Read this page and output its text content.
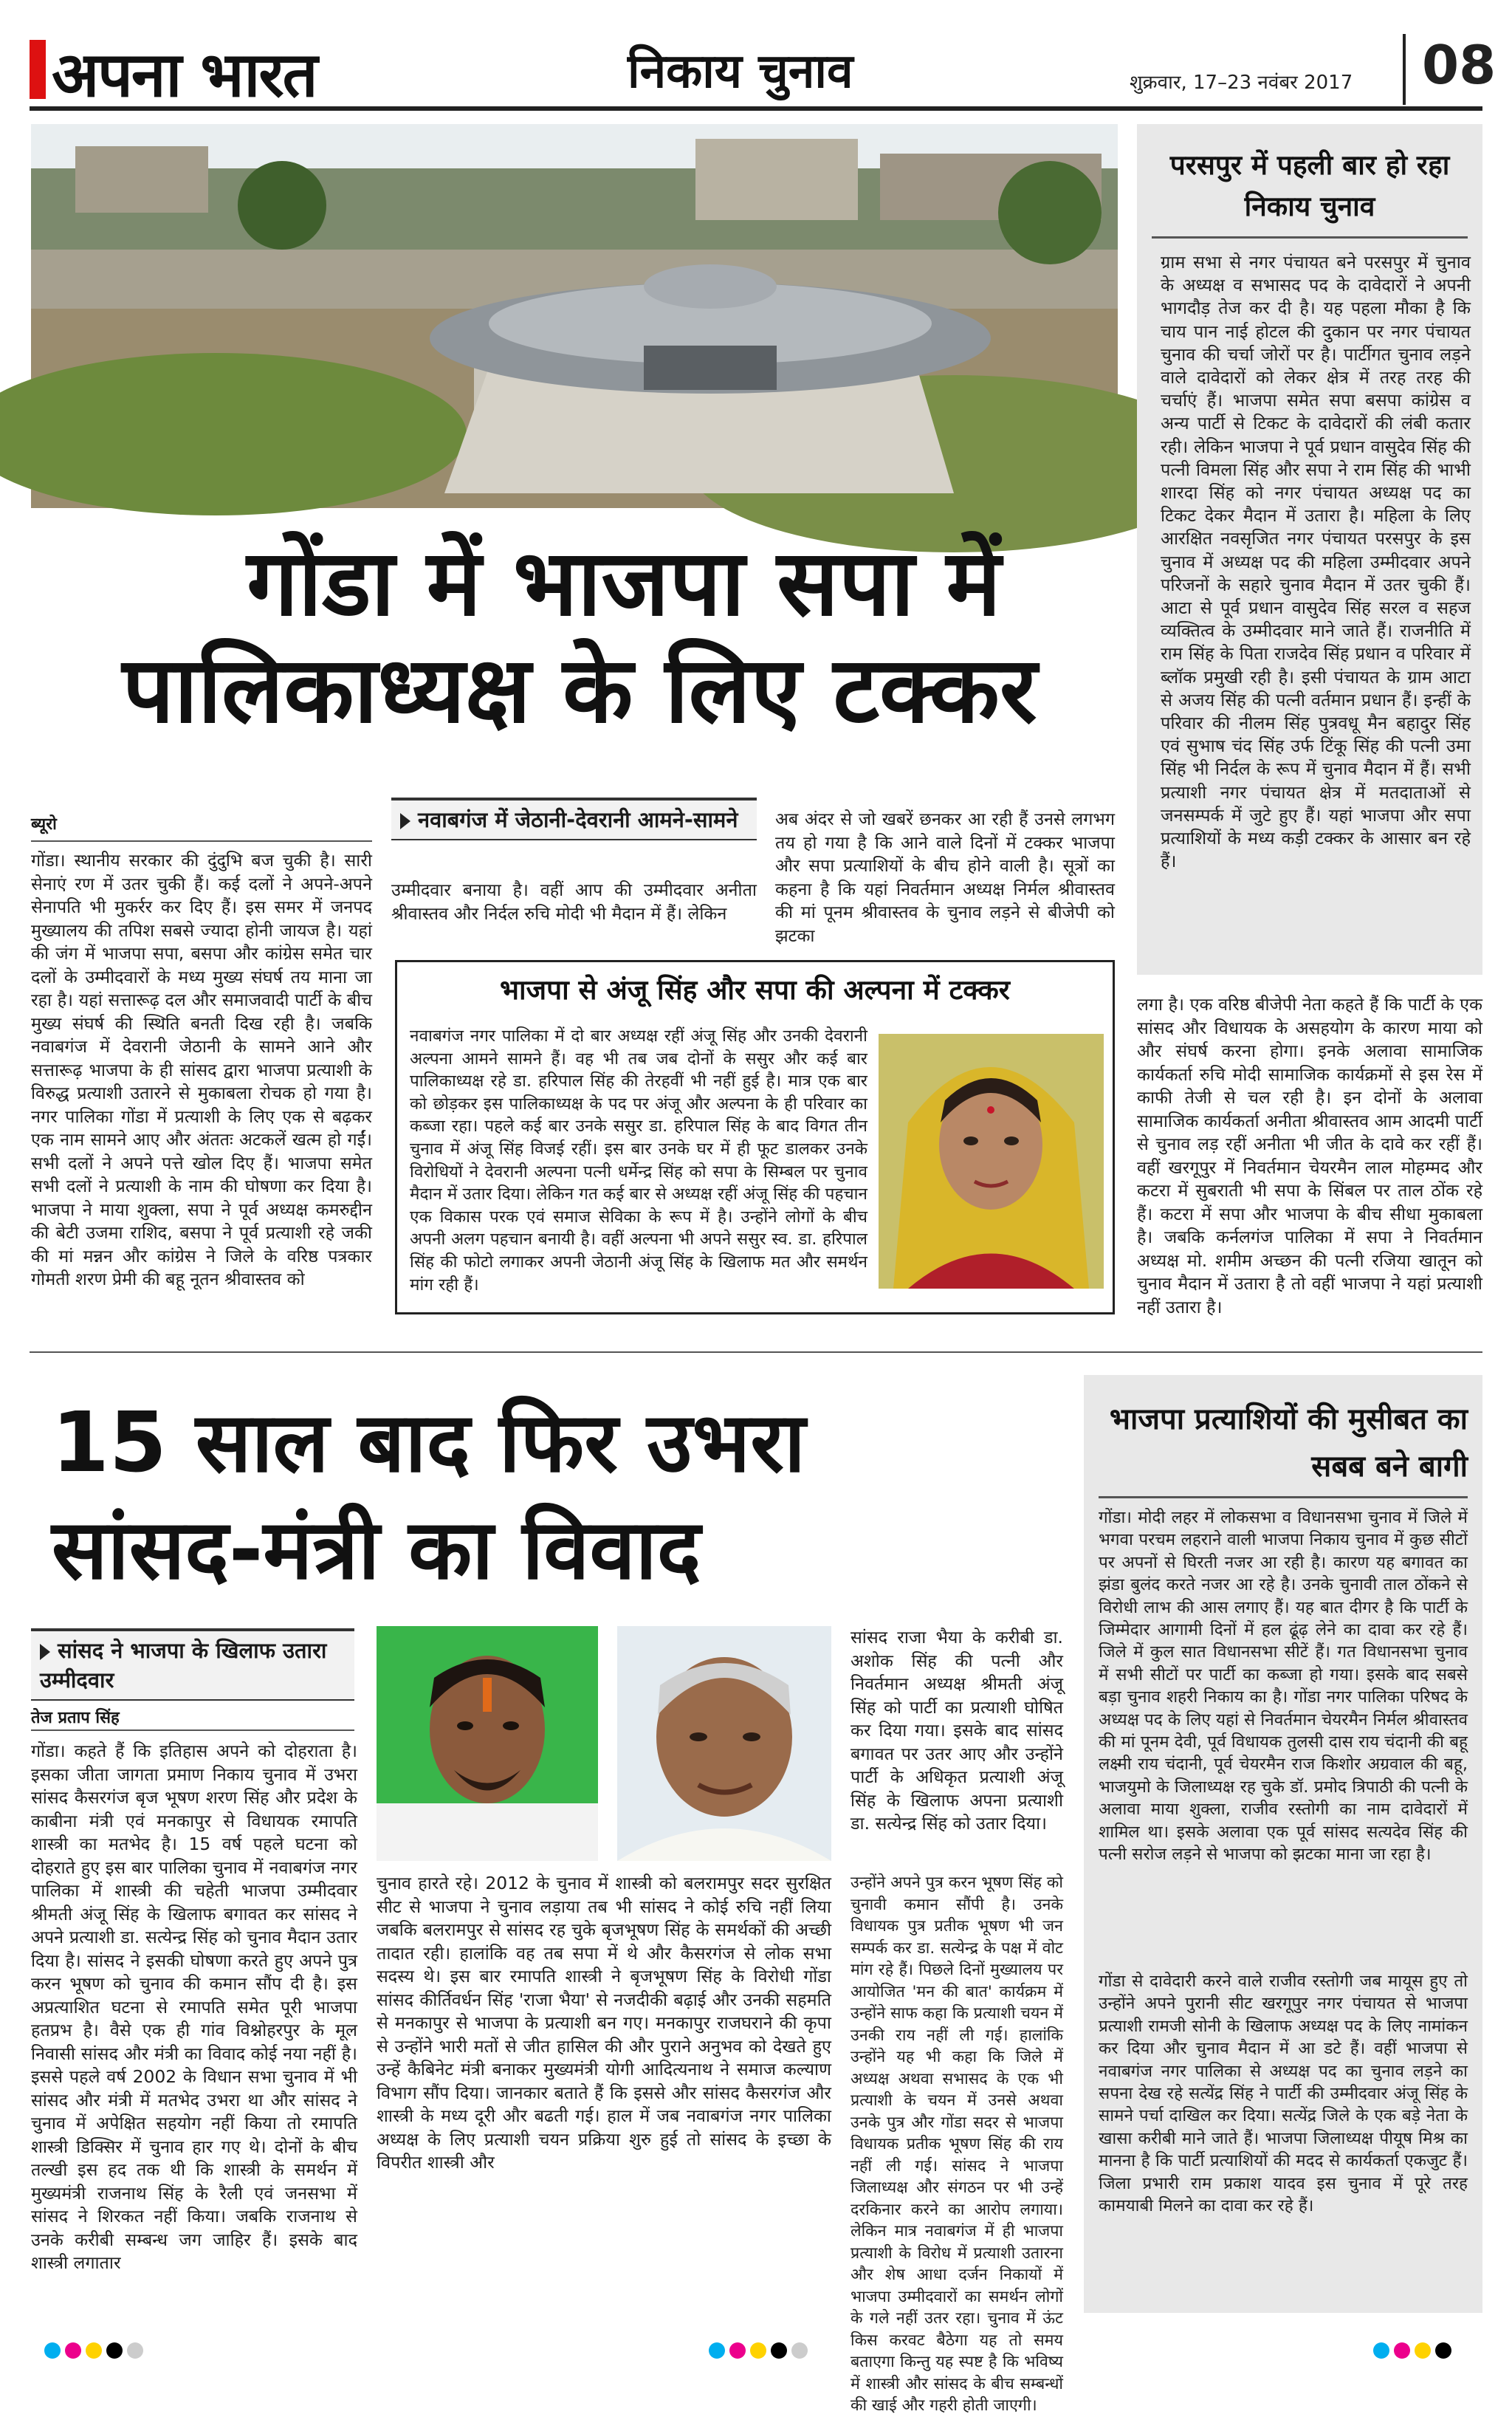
अपना भारत	निकाय चुनाव	शुक्रवार, 17–23 नवंबर 2017	08
परसपुर में पहली बार हो रहा निकाय चुनाव
ग्राम सभा से नगर पंचायत बने परसपुर में चुनाव के अध्यक्ष व सभासद पद के दावेदारों ने अपनी भागदौड़ तेज कर दी है। यह पहला मौका है कि चाय पान नाई होटल की दुकान पर नगर पंचायत चुनाव की चर्चा जोरों पर है। पार्टीगत चुनाव लड़ने वाले दावेदारों को लेकर क्षेत्र में तरह तरह की चर्चाएं हैं। भाजपा समेत सपा बसपा कांग्रेस व अन्य पार्टी से टिकट के दावेदारों की लंबी कतार रही। लेकिन भाजपा ने पूर्व प्रधान वासुदेव सिंह की पत्नी विमला सिंह और सपा ने राम सिंह की भाभी शारदा सिंह को नगर पंचायत अध्यक्ष पद का टिकट देकर मैदान में उतारा है। महिला के लिए आरक्षित नवसृजित नगर पंचायत परसपुर के इस चुनाव में अध्यक्ष पद की महिला उम्मीदवार अपने परिजनों के सहारे चुनाव मैदान में उतर चुकी हैं। आटा से पूर्व प्रधान वासुदेव सिंह सरल व सहज व्यक्तित्व के उम्मीदवार माने जाते हैं। राजनीति में राम सिंह के पिता राजदेव सिंह प्रधान व परिवार में ब्लॉक प्रमुखी रही है। इसी पंचायत के ग्राम आटा से अजय सिंह की पत्नी वर्तमान प्रधान हैं। इन्हीं के परिवार की नीलम सिंह पुत्रवधू मैन बहादुर सिंह एवं सुभाष चंद सिंह उर्फ टिंकू सिंह की पत्नी उमा सिंह भी निर्दल के रूप में चुनाव मैदान में हैं। सभी प्रत्याशी नगर पंचायत क्षेत्र में मतदाताओं से जनसम्पर्क में जुटे हुए हैं। यहां भाजपा और सपा प्रत्याशियों के मध्य कड़ी टक्कर के आसार बन रहे हैं।
गोंडा में भाजपा सपा में
पालिकाध्यक्ष के लिए टक्कर
ब्यूरो
गोंडा। स्थानीय सरकार की दुंदुभि बज चुकी है। सारी सेनाएं रण में उतर चुकी हैं। कई दलों ने अपने-अपने सेनापति भी मुकर्रर कर दिए हैं। इस समर में जनपद मुख्यालय की तपिश सबसे ज्यादा होनी जायज है। यहां की जंग में भाजपा सपा, बसपा और कांग्रेस समेत चार दलों के उम्मीदवारों के मध्य मुख्य संघर्ष तय माना जा रहा है। यहां सत्तारूढ़ दल और समाजवादी पार्टी के बीच मुख्य संघर्ष की स्थिति बनती दिख रही है। जबकि नवाबगंज में देवरानी जेठानी के सामने आने और सत्तारूढ़ भाजपा के ही सांसद द्वारा भाजपा प्रत्याशी के विरुद्ध प्रत्याशी उतारने से मुकाबला रोचक हो गया है। नगर पालिका गोंडा में प्रत्याशी के लिए एक से बढ़कर एक नाम सामने आए और अंततः अटकलें खत्म हो गईं। सभी दलों ने अपने पत्ते खोल दिए हैं। भाजपा समेत सभी दलों ने प्रत्याशी के नाम की घोषणा कर दिया है। भाजपा ने माया शुक्ला, सपा ने पूर्व अध्यक्ष कमरुद्दीन की बेटी उजमा राशिद, बसपा ने पूर्व प्रत्याशी रहे जकी की मां मन्नन और कांग्रेस ने जिले के वरिष्ठ पत्रकार गोमती शरण प्रेमी की बहू नूतन श्रीवास्तव को
नवाबगंज में जेठानी-देवरानी आमने-सामने
उम्मीदवार बनाया है। वहीं आप की उम्मीदवार अनीता श्रीवास्तव और निर्दल रुचि मोदी भी मैदान में हैं। लेकिन
अब अंदर से जो खबरें छनकर आ रही हैं उनसे लगभग तय हो गया है कि आने वाले दिनों में टक्कर भाजपा और सपा प्रत्याशियों के बीच होने वाली है। सूत्रों का कहना है कि यहां निवर्तमान अध्यक्ष निर्मल श्रीवास्तव की मां पूनम श्रीवास्तव के चुनाव लड़ने से बीजेपी को झटका
भाजपा से अंजू सिंह और सपा की अल्पना में टक्कर
नवाबगंज नगर पालिका में दो बार अध्यक्ष रहीं अंजू सिंह और उनकी देवरानी अल्पना आमने सामने हैं। वह भी तब जब दोनों के ससुर और कई बार पालिकाध्यक्ष रहे डा. हरिपाल सिंह की तेरहवीं भी नहीं हुई है। मात्र एक बार को छोड़कर इस पालिकाध्यक्ष के पद पर अंजू और अल्पना के ही परिवार का कब्जा रहा। पहले कई बार उनके ससुर डा. हरिपाल सिंह के बाद विगत तीन चुनाव में अंजू सिंह विजई रहीं। इस बार उनके घर में ही फूट डालकर उनके विरोधियों ने देवरानी अल्पना पत्नी धर्मेन्द्र सिंह को सपा के सिम्बल पर चुनाव मैदान में उतार दिया। लेकिन गत कई बार से अध्यक्ष रहीं अंजू सिंह की पहचान एक विकास परक एवं समाज सेविका के रूप में है। उन्होंने लोगों के बीच अपनी अलग पहचान बनायी है। वहीं अल्पना भी अपने ससुर स्व. डा. हरिपाल सिंह की फोटो लगाकर अपनी जेठानी अंजू सिंह के खिलाफ मत और समर्थन मांग रही हैं।
लगा है। एक वरिष्ठ बीजेपी नेता कहते हैं कि पार्टी के एक सांसद और विधायक के असहयोग के कारण माया को और संघर्ष करना होगा। इनके अलावा सामाजिक कार्यकर्ता रुचि मोदी सामाजिक कार्यक्रमों से इस रेस में काफी तेजी से चल रही है। इन दोनों के अलावा सामाजिक कार्यकर्ता अनीता श्रीवास्तव आम आदमी पार्टी से चुनाव लड़ रहीं अनीता भी जीत के दावे कर रहीं हैं। वहीं खरगूपुर में निवर्तमान चेयरमैन लाल मोहम्मद और कटरा में सुबराती भी सपा के सिंबल पर ताल ठोंक रहे हैं। कटरा में सपा और भाजपा के बीच सीधा मुकाबला है। जबकि कर्नलगंज पालिका में सपा ने निवर्तमान अध्यक्ष मो. शमीम अच्छन की पत्नी रजिया खातून को चुनाव मैदान में उतारा है तो वहीं भाजपा ने यहां प्रत्याशी नहीं उतारा है।
15 साल बाद फिर उभरा
सांसद-मंत्री का विवाद
सांसद ने भाजपा के खिलाफ उतारा उम्मीदवार
तेज प्रताप सिंह
गोंडा। कहते हैं कि इतिहास अपने को दोहराता है। इसका जीता जागता प्रमाण निकाय चुनाव में उभरा सांसद कैसरगंज बृज भूषण शरण सिंह और प्रदेश के काबीना मंत्री एवं मनकापुर से विधायक रमापति शास्त्री का मतभेद है। 15 वर्ष पहले घटना को दोहराते हुए इस बार पालिका चुनाव में नवाबगंज नगर पालिका में शास्त्री की चहेती भाजपा उम्मीदवार श्रीमती अंजू सिंह के खिलाफ बगावत कर सांसद ने अपने प्रत्याशी डा. सत्येन्द्र सिंह को चुनाव मैदान उतार दिया है। सांसद ने इसकी घोषणा करते हुए अपने पुत्र करन भूषण को चुनाव की कमान सौंप दी है। इस अप्रत्याशित घटना से रमापति समेत पूरी भाजपा हतप्रभ है। वैसे एक ही गांव विश्नोहरपुर के मूल निवासी सांसद और मंत्री का विवाद कोई नया नहीं है। इससे पहले वर्ष 2002 के विधान सभा चुनाव में भी सांसद और मंत्री में मतभेद उभरा था और सांसद ने चुनाव में अपेक्षित सहयोग नहीं किया तो रमापति शास्त्री डिक्सिर में चुनाव हार गए थे। दोनों के बीच तल्खी इस हद तक थी कि शास्त्री के समर्थन में मुख्यमंत्री राजनाथ सिंह के रैली एवं जनसभा में सांसद ने शिरकत नहीं किया। जबकि राजनाथ से उनके करीबी सम्बन्ध जग जाहिर हैं। इसके बाद शास्त्री लगातार
चुनाव हारते रहे। 2012 के चुनाव में शास्त्री को बलरामपुर सदर सुरक्षित सीट से भाजपा ने चुनाव लड़ाया तब भी सांसद ने कोई रुचि नहीं लिया जबकि बलरामपुर से सांसद रह चुके बृजभूषण सिंह के समर्थकों की अच्छी तादात रही। हालांकि वह तब सपा में थे और कैसरगंज से लोक सभा सदस्य थे। इस बार रमापति शास्त्री ने बृजभूषण सिंह के विरोधी गोंडा सांसद कीर्तिवर्धन सिंह 'राजा भैया' से नजदीकी बढ़ाई और उनकी सहमति से मनकापुर से भाजपा के प्रत्याशी बन गए। मनकापुर राजघराने की कृपा से उन्होंने भारी मतों से जीत हासिल की और पुराने अनुभव को देखते हुए उन्हें कैबिनेट मंत्री बनाकर मुख्यमंत्री योगी आदित्यनाथ ने समाज कल्याण विभाग सौंप दिया। जानकार बताते हैं कि इससे और सांसद कैसरगंज और शास्त्री के मध्य दूरी और बढती गई। हाल में जब नवाबगंज नगर पालिका अध्यक्ष के लिए प्रत्याशी चयन प्रक्रिया शुरु हुई तो सांसद के इच्छा के विपरीत शास्त्री और
सांसद राजा भैया के करीबी डा. अशोक सिंह की पत्नी और निवर्तमान अध्यक्ष श्रीमती अंजू सिंह को पार्टी का प्रत्याशी घोषित कर दिया गया। इसके बाद सांसद बगावत पर उतर आए और उन्होंने पार्टी के अधिकृत प्रत्याशी अंजू सिंह के खिलाफ अपना प्रत्याशी डा. सत्येन्द्र सिंह को उतार दिया।
उन्होंने अपने पुत्र करन भूषण सिंह को चुनावी कमान सौंपी है। उनके विधायक पुत्र प्रतीक भूषण भी जन सम्पर्क कर डा. सत्येन्द्र के पक्ष में वोट मांग रहे हैं। पिछले दिनों मुख्यालय पर आयोजित 'मन की बात' कार्यक्रम में उन्होंने साफ कहा कि प्रत्याशी चयन में उनकी राय नहीं ली गई। हालांकि उन्होंने यह भी कहा कि जिले में अध्यक्ष अथवा सभासद के एक भी प्रत्याशी के चयन में उनसे अथवा उनके पुत्र और गोंडा सदर से भाजपा विधायक प्रतीक भूषण सिंह की राय नहीं ली गई। सांसद ने भाजपा जिलाध्यक्ष और संगठन पर भी उन्हें दरकिनार करने का आरोप लगाया। लेकिन मात्र नवाबगंज में ही भाजपा प्रत्याशी के विरोध में प्रत्याशी उतारना और शेष आधा दर्जन निकायों में भाजपा उम्मीदवारों का समर्थन लोगों के गले नहीं उतर रहा। चुनाव में ऊंट किस करवट बैठेगा यह तो समय बताएगा किन्तु यह स्पष्ट है कि भविष्य में शास्त्री और सांसद के बीच सम्बन्धों की खाई और गहरी होती जाएगी।
भाजपा प्रत्याशियों की मुसीबत का सबब बने बागी
गोंडा। मोदी लहर में लोकसभा व विधानसभा चुनाव में जिले में भगवा परचम लहराने वाली भाजपा निकाय चुनाव में कुछ सीटों पर अपनों से घिरती नजर आ रही है। कारण यह बगावत का झंडा बुलंद करते नजर आ रहे है। उनके चुनावी ताल ठोंकने से विरोधी लाभ की आस लगाए हैं। यह बात दीगर है कि पार्टी के जिम्मेदार आगामी दिनों में हल ढूंढ़ लेने का दावा कर रहे हैं। जिले में कुल सात विधानसभा सीटें हैं। गत विधानसभा चुनाव में सभी सीटों पर पार्टी का कब्जा हो गया। इसके बाद सबसे बड़ा चुनाव शहरी निकाय का है। गोंडा नगर पालिका परिषद के अध्यक्ष पद के लिए यहां से निवर्तमान चेयरमैन निर्मल श्रीवास्तव की मां पूनम देवी, पूर्व विधायक तुलसी दास राय चंदानी की बहू लक्ष्मी राय चंदानी, पूर्व चेयरमैन राज किशोर अग्रवाल की बहू, भाजयुमो के जिलाध्यक्ष रह चुके डॉ. प्रमोद त्रिपाठी की पत्नी के अलावा माया शुक्ला, राजीव रस्तोगी का नाम दावेदारों में शामिल था। इसके अलावा एक पूर्व सांसद सत्यदेव सिंह की पत्नी सरोज लड़ने से भाजपा को झटका माना जा रहा है।
गोंडा से दावेदारी करने वाले राजीव रस्तोगी जब मायूस हुए तो उन्होंने अपने पुरानी सीट खरगूपुर नगर पंचायत से भाजपा प्रत्याशी रामजी सोनी के खिलाफ अध्यक्ष पद के लिए नामांकन कर दिया और चुनाव मैदान में आ डटे हैं। वहीं भाजपा से नवाबगंज नगर पालिका से अध्यक्ष पद का चुनाव लड़ने का सपना देख रहे सत्येंद्र सिंह ने पार्टी की उम्मीदवार अंजू सिंह के सामने पर्चा दाखिल कर दिया। सत्येंद्र जिले के एक बड़े नेता के खासा करीबी माने जाते हैं। भाजपा जिलाध्यक्ष पीयूष मिश्र का मानना है कि पार्टी प्रत्याशियों की मदद से कार्यकर्ता एकजुट हैं। जिला प्रभारी राम प्रकाश यादव इस चुनाव में पूरे तरह कामयाबी मिलने का दावा कर रहे हैं।
